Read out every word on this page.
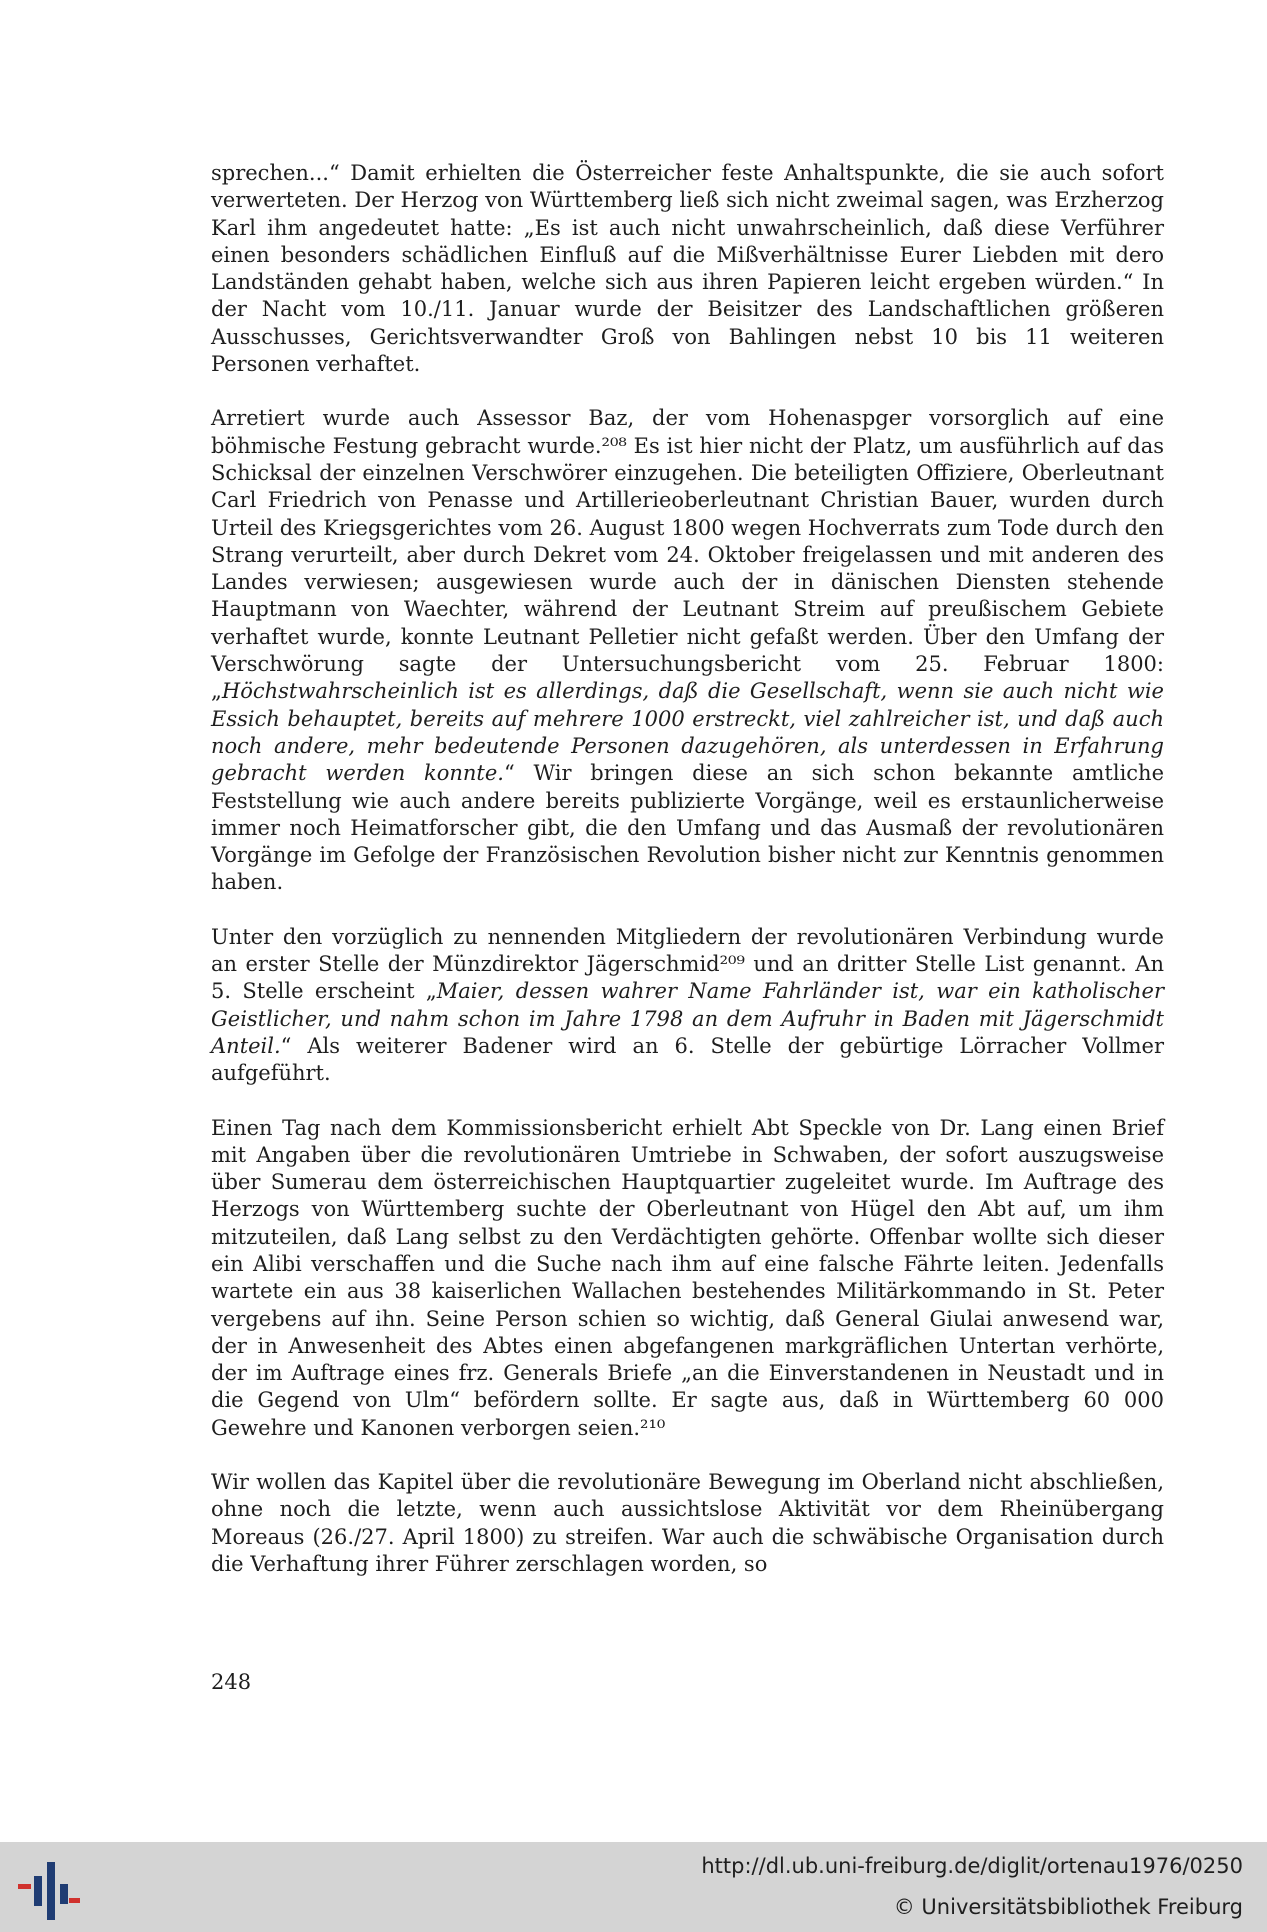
sprechen...“ Damit erhielten die Österreicher feste Anhaltspunkte, die sie auch sofort verwerteten. Der Herzog von Württemberg ließ sich nicht zweimal sagen, was Erzherzog Karl ihm angedeutet hatte: „Es ist auch nicht unwahrscheinlich, daß diese Verführer einen besonders schädlichen Einfluß auf die Mißverhältnisse Eurer Liebden mit dero Landständen gehabt haben, welche sich aus ihren Papieren leicht ergeben würden.“ In der Nacht vom 10./11. Januar wurde der Beisitzer des Landschaftlichen größeren Ausschusses, Gerichtsverwandter Groß von Bahlingen nebst 10 bis 11 weiteren Personen verhaftet.

Arretiert wurde auch Assessor Baz, der vom Hohenaspger vorsorglich auf eine böhmische Festung gebracht wurde.²⁰⁸ Es ist hier nicht der Platz, um ausführlich auf das Schicksal der einzelnen Verschwörer einzugehen. Die beteiligten Offiziere, Oberleutnant Carl Friedrich von Penasse und Artillerieoberleutnant Christian Bauer, wurden durch Urteil des Kriegsgerichtes vom 26. August 1800 wegen Hochverrats zum Tode durch den Strang verurteilt, aber durch Dekret vom 24. Oktober freigelassen und mit anderen des Landes verwiesen; ausgewiesen wurde auch der in dänischen Diensten stehende Hauptmann von Waechter, während der Leutnant Streim auf preußischem Gebiete verhaftet wurde, konnte Leutnant Pelletier nicht gefaßt werden. Über den Umfang der Verschwörung sagte der Untersuchungsbericht vom 25. Februar 1800: „Höchstwahrscheinlich ist es allerdings, daß die Gesellschaft, wenn sie auch nicht wie Essich behauptet, bereits auf mehrere 1000 erstreckt, viel zahlreicher ist, und daß auch noch andere, mehr bedeutende Personen dazugehören, als unterdessen in Erfahrung gebracht werden konnte.“ Wir bringen diese an sich schon bekannte amtliche Feststellung wie auch andere bereits publizierte Vorgänge, weil es erstaunlicherweise immer noch Heimatforscher gibt, die den Umfang und das Ausmaß der revolutionären Vorgänge im Gefolge der Französischen Revolution bisher nicht zur Kenntnis genommen haben.

Unter den vorzüglich zu nennenden Mitgliedern der revolutionären Verbindung wurde an erster Stelle der Münzdirektor Jägerschmid²⁰⁹ und an dritter Stelle List genannt. An 5. Stelle erscheint „Maier, dessen wahrer Name Fahrländer ist, war ein katholischer Geistlicher, und nahm schon im Jahre 1798 an dem Aufruhr in Baden mit Jägerschmidt Anteil.“ Als weiterer Badener wird an 6. Stelle der gebürtige Lörracher Vollmer aufgeführt.

Einen Tag nach dem Kommissionsbericht erhielt Abt Speckle von Dr. Lang einen Brief mit Angaben über die revolutionären Umtriebe in Schwaben, der sofort auszugsweise über Sumerau dem österreichischen Hauptquartier zugeleitet wurde. Im Auftrage des Herzogs von Württemberg suchte der Oberleutnant von Hügel den Abt auf, um ihm mitzuteilen, daß Lang selbst zu den Verdächtigten gehörte. Offenbar wollte sich dieser ein Alibi verschaffen und die Suche nach ihm auf eine falsche Fährte leiten. Jedenfalls wartete ein aus 38 kaiserlichen Wallachen bestehendes Militärkommando in St. Peter vergebens auf ihn. Seine Person schien so wichtig, daß General Giulai anwesend war, der in Anwesenheit des Abtes einen abgefangenen markgräflichen Untertan verhörte, der im Auftrage eines frz. Generals Briefe „an die Einverstandenen in Neustadt und in die Gegend von Ulm“ befördern sollte. Er sagte aus, daß in Württemberg 60 000 Gewehre und Kanonen verborgen seien.²¹⁰

Wir wollen das Kapitel über die revolutionäre Bewegung im Oberland nicht abschließen, ohne noch die letzte, wenn auch aussichtslose Aktivität vor dem Rheinübergang Moreaus (26./27. April 1800) zu streifen. War auch die schwäbische Organisation durch die Verhaftung ihrer Führer zerschlagen worden, so

248
http://dl.ub.uni-freiburg.de/diglit/ortenau1976/0250
© Universitätsbibliothek Freiburg
